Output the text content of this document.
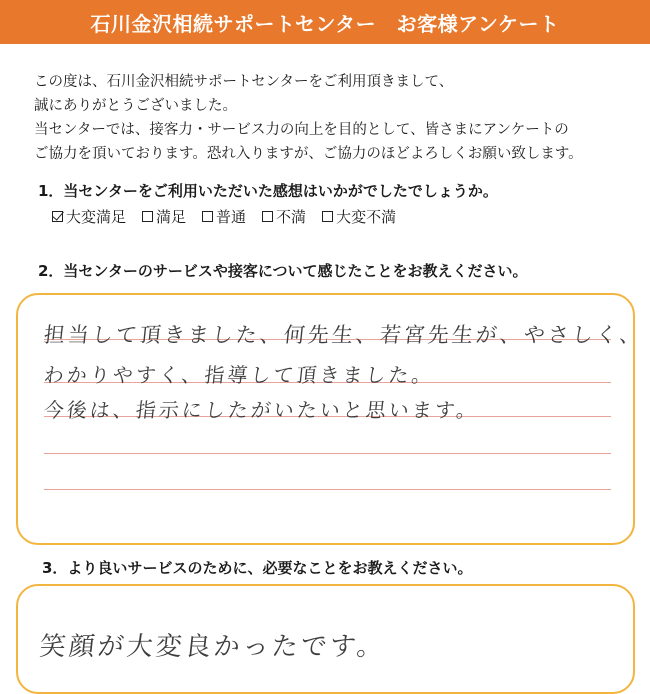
石川金沢相続サポートセンター　お客様アンケート
この度は、石川金沢相続サポートセンターをご利用頂きまして、
誠にありがとうございました。
当センターでは、接客力・サービス力の向上を目的として、皆さまにアンケートの
ご協力を頂いております。恐れ入りますが、ご協力のほどよろしくお願い致します。
1．当センターをご利用いただいた感想はいかがでしたでしょうか。
大変満足 満足 普通 不満 大変不満
2．当センターのサービスや接客について感じたことをお教えください。
担当して頂きました、何先生、若宮先生が、やさしく、
わかりやすく、指導して頂きました。
今後は、指示にしたがいたいと思います。
3．より良いサービスのために、必要なことをお教えください。
笑顔が大変良かったです。
